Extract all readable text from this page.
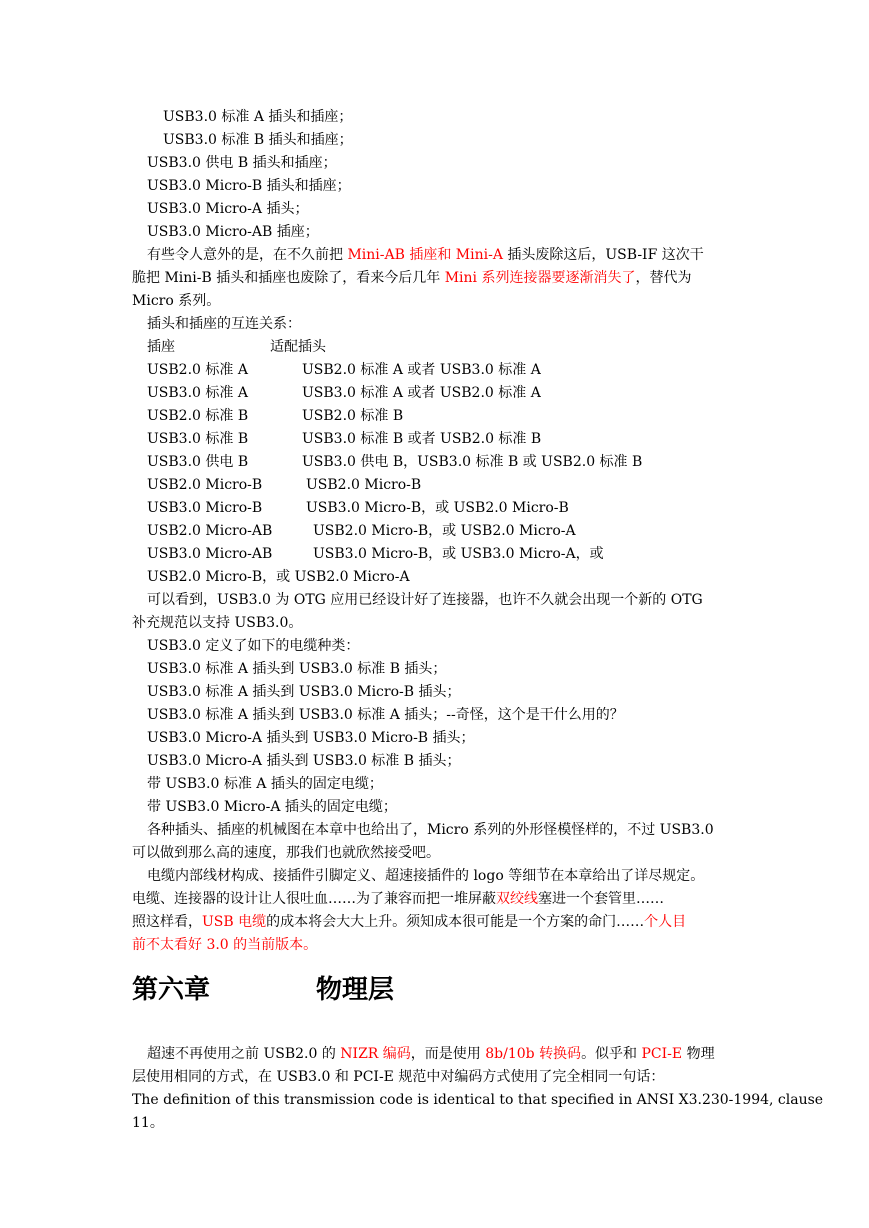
USB3.0 标准 A 插头和插座；
USB3.0 标准 B 插头和插座；
USB3.0 供电 B 插头和插座；
USB3.0 Micro-B 插头和插座；
USB3.0 Micro-A 插头；
USB3.0 Micro-AB 插座；
有些令人意外的是，在不久前把 Mini-AB 插座和 Mini-A 插头废除这后，USB-IF 这次干
脆把 Mini-B 插头和插座也废除了，看来今后几年 Mini 系列连接器要逐渐消失了，替代为
Micro 系列。
插头和插座的互连关系：
插座	适配插头
USB2.0 标准 A	USB2.0 标准 A 或者 USB3.0 标准 A
USB3.0 标准 A	USB3.0 标准 A 或者 USB2.0 标准 A
USB2.0 标准 B	USB2.0 标准 B
USB3.0 标准 B	USB3.0 标准 B 或者 USB2.0 标准 B
USB3.0 供电 B	USB3.0 供电 B，USB3.0 标准 B 或 USB2.0 标准 B
USB2.0 Micro-B	USB2.0 Micro-B
USB3.0 Micro-B	USB3.0 Micro-B，或 USB2.0 Micro-B
USB2.0 Micro-AB	USB2.0 Micro-B，或 USB2.0 Micro-A
USB3.0 Micro-AB	USB3.0 Micro-B，或 USB3.0 Micro-A，或
USB2.0 Micro-B，或 USB2.0 Micro-A
可以看到，USB3.0 为 OTG 应用已经设计好了连接器，也许不久就会出现一个新的 OTG
补充规范以支持 USB3.0。
USB3.0 定义了如下的电缆种类：
USB3.0 标准 A 插头到 USB3.0 标准 B 插头；
USB3.0 标准 A 插头到 USB3.0 Micro-B 插头；
USB3.0 标准 A 插头到 USB3.0 标准 A 插头；--奇怪，这个是干什么用的？
USB3.0 Micro-A 插头到 USB3.0 Micro-B 插头；
USB3.0 Micro-A 插头到 USB3.0 标准 B 插头；
带 USB3.0 标准 A 插头的固定电缆；
带 USB3.0 Micro-A 插头的固定电缆；
各种插头、插座的机械图在本章中也给出了，Micro 系列的外形怪模怪样的，不过 USB3.0
可以做到那么高的速度，那我们也就欣然接受吧。
电缆内部线材构成、接插件引脚定义、超速接插件的 logo 等细节在本章给出了详尽规定。
电缆、连接器的设计让人很吐血……为了兼容而把一堆屏蔽双绞线塞进一个套管里……
照这样看，USB 电缆的成本将会大大上升。须知成本很可能是一个方案的命门……个人目
前不太看好 3.0 的当前版本。
第六章	物理层
超速不再使用之前 USB2.0 的 NIZR 编码，而是使用 8b/10b 转换码。似乎和 PCI-E 物理
层使用相同的方式，在 USB3.0 和 PCI-E 规范中对编码方式使用了完全相同一句话：
The definition of this transmission code is identical to that specified in ANSI X3.230-1994, clause
11。
